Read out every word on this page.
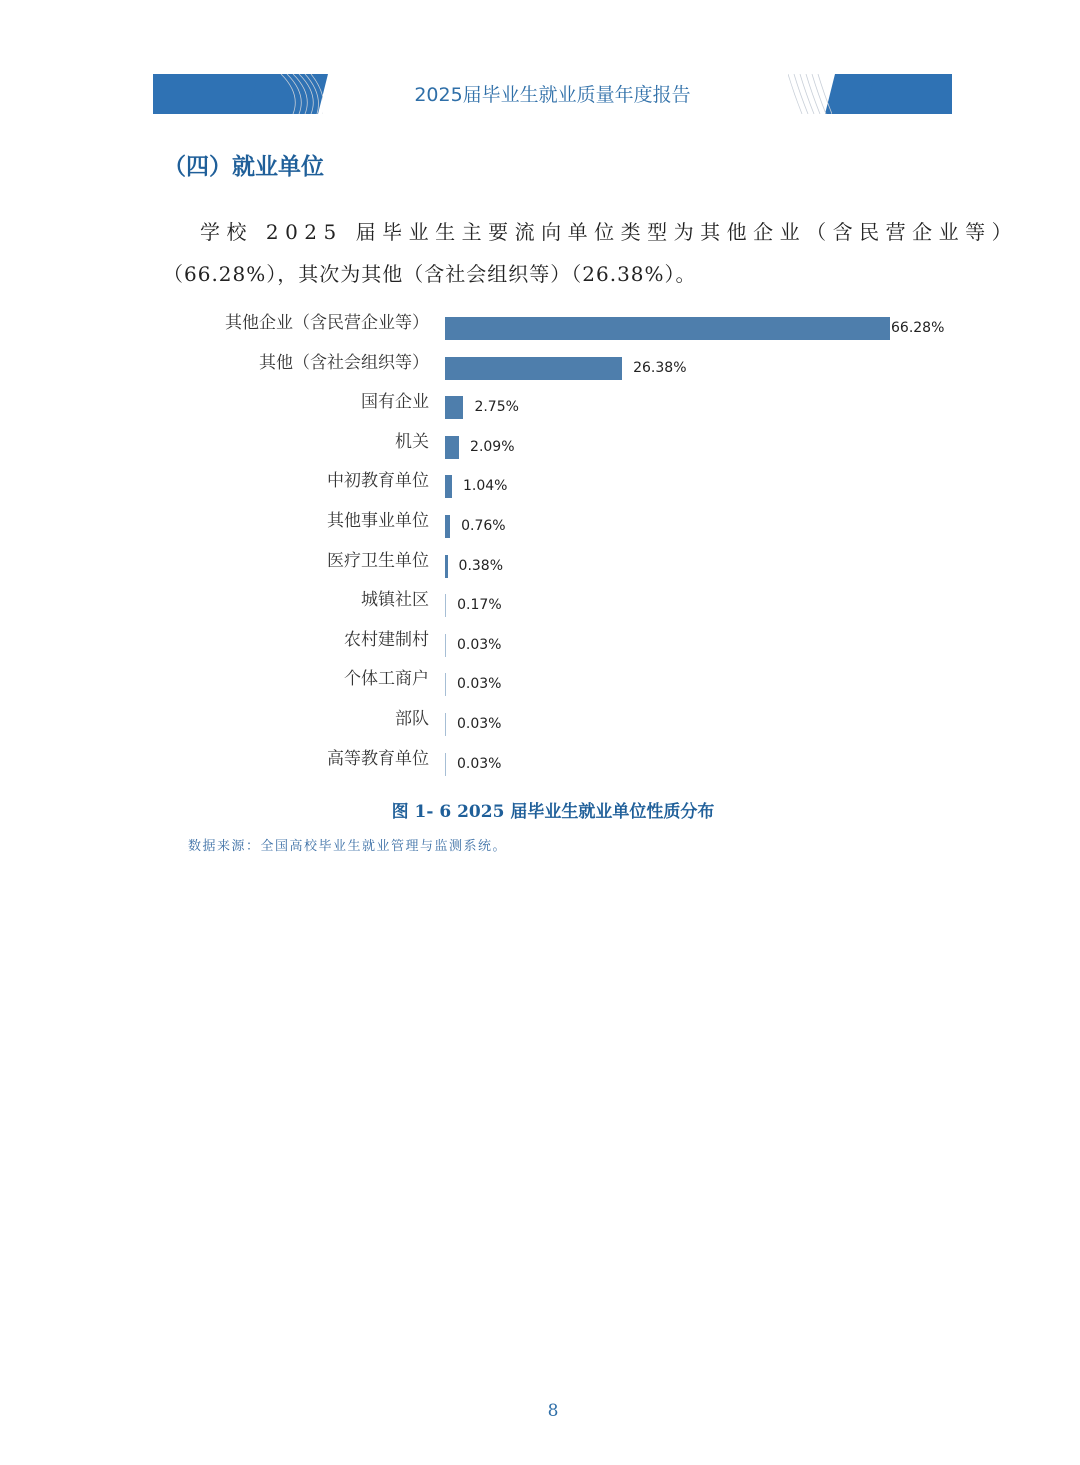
2025届毕业生就业质量年度报告
（四）就业单位
学校 2025 届毕业生主要流向单位类型为其他企业（含民营企业等）
（66.28%），其次为其他（含社会组织等）（26.38%）。
其他企业（含民营企业等）	66.28%
其他（含社会组织等）	26.38%
国有企业	2.75%
机关	2.09%
中初教育单位 1.04%
其他事业单位 0.76%
医疗卫生单位 0.38%
城镇社区 0.17%
农村建制村 0.03%
个体工商户 0.03%
部队 0.03%
高等教育单位 0.03%
图 1- 6 2025 届毕业生就业单位性质分布
数据来源：全国高校毕业生就业管理与监测系统。
8
